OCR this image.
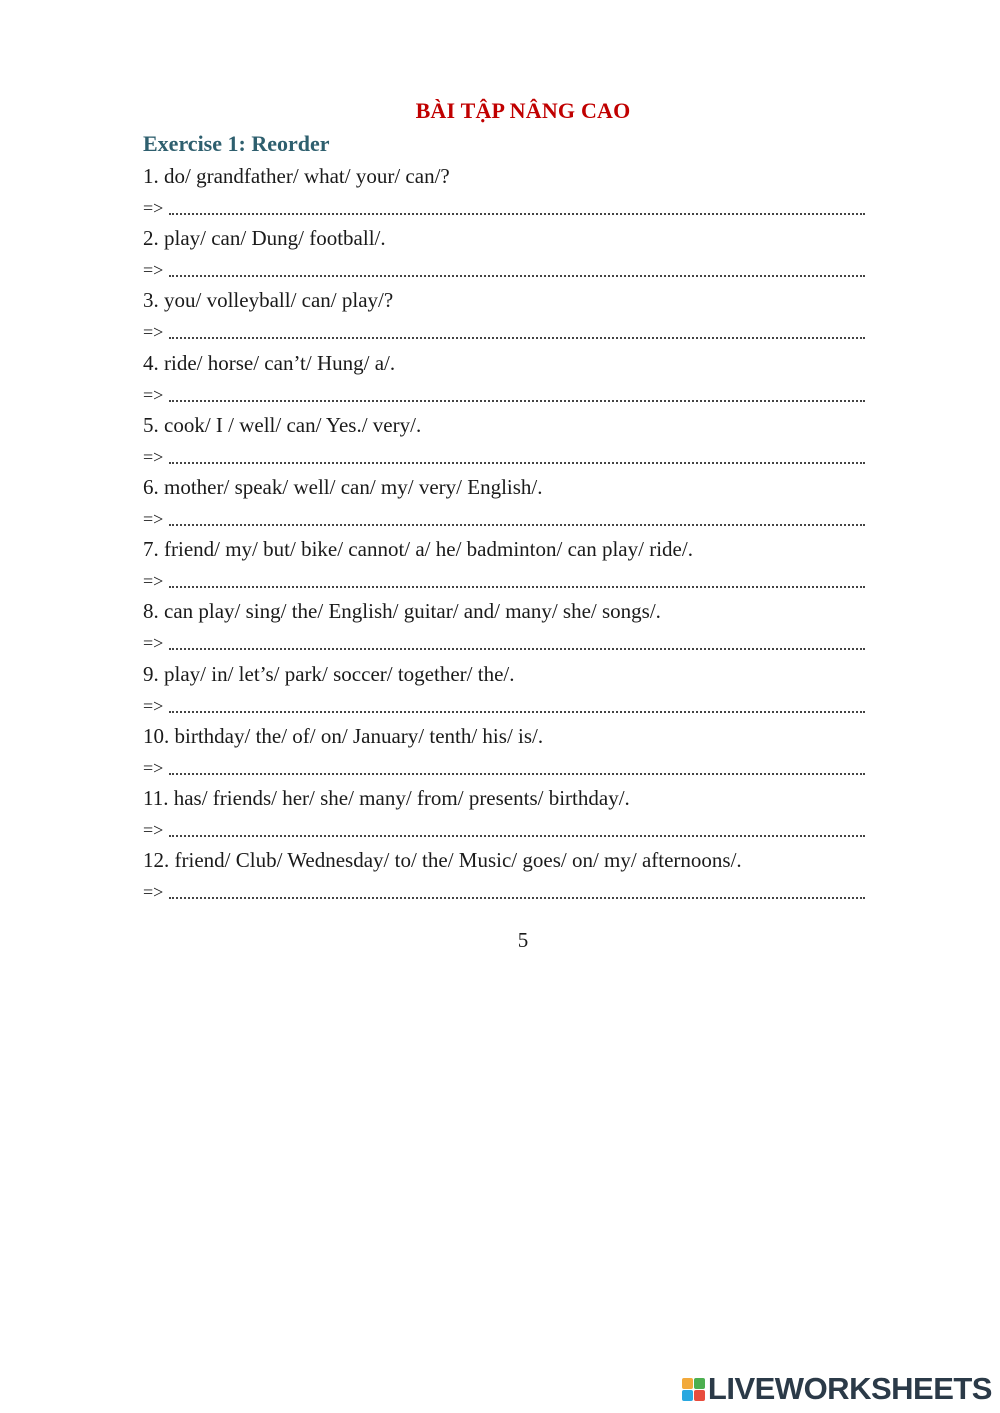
BÀI TẬP NÂNG CAO
Exercise 1: Reorder
1. do/ grandfather/ what/ your/ can/?
=>
2. play/ can/ Dung/ football/.
=>
3. you/ volleyball/ can/ play/?
=>
4. ride/ horse/ can’t/ Hung/ a/.
=>
5. cook/ I / well/ can/ Yes./ very/.
=>
6. mother/ speak/ well/ can/ my/ very/ English/.
=>
7. friend/ my/ but/ bike/ cannot/ a/ he/ badminton/ can play/ ride/.
=>
8. can play/ sing/ the/ English/ guitar/ and/ many/ she/ songs/.
=>
9. play/ in/ let’s/ park/ soccer/ together/ the/.
=>
10. birthday/ the/ of/ on/ January/ tenth/ his/ is/.
=>
11. has/ friends/ her/ she/ many/ from/ presents/ birthday/.
=>
12. friend/ Club/ Wednesday/ to/ the/ Music/ goes/ on/ my/ afternoons/.
=>
5
LIVEWORKSHEETS
